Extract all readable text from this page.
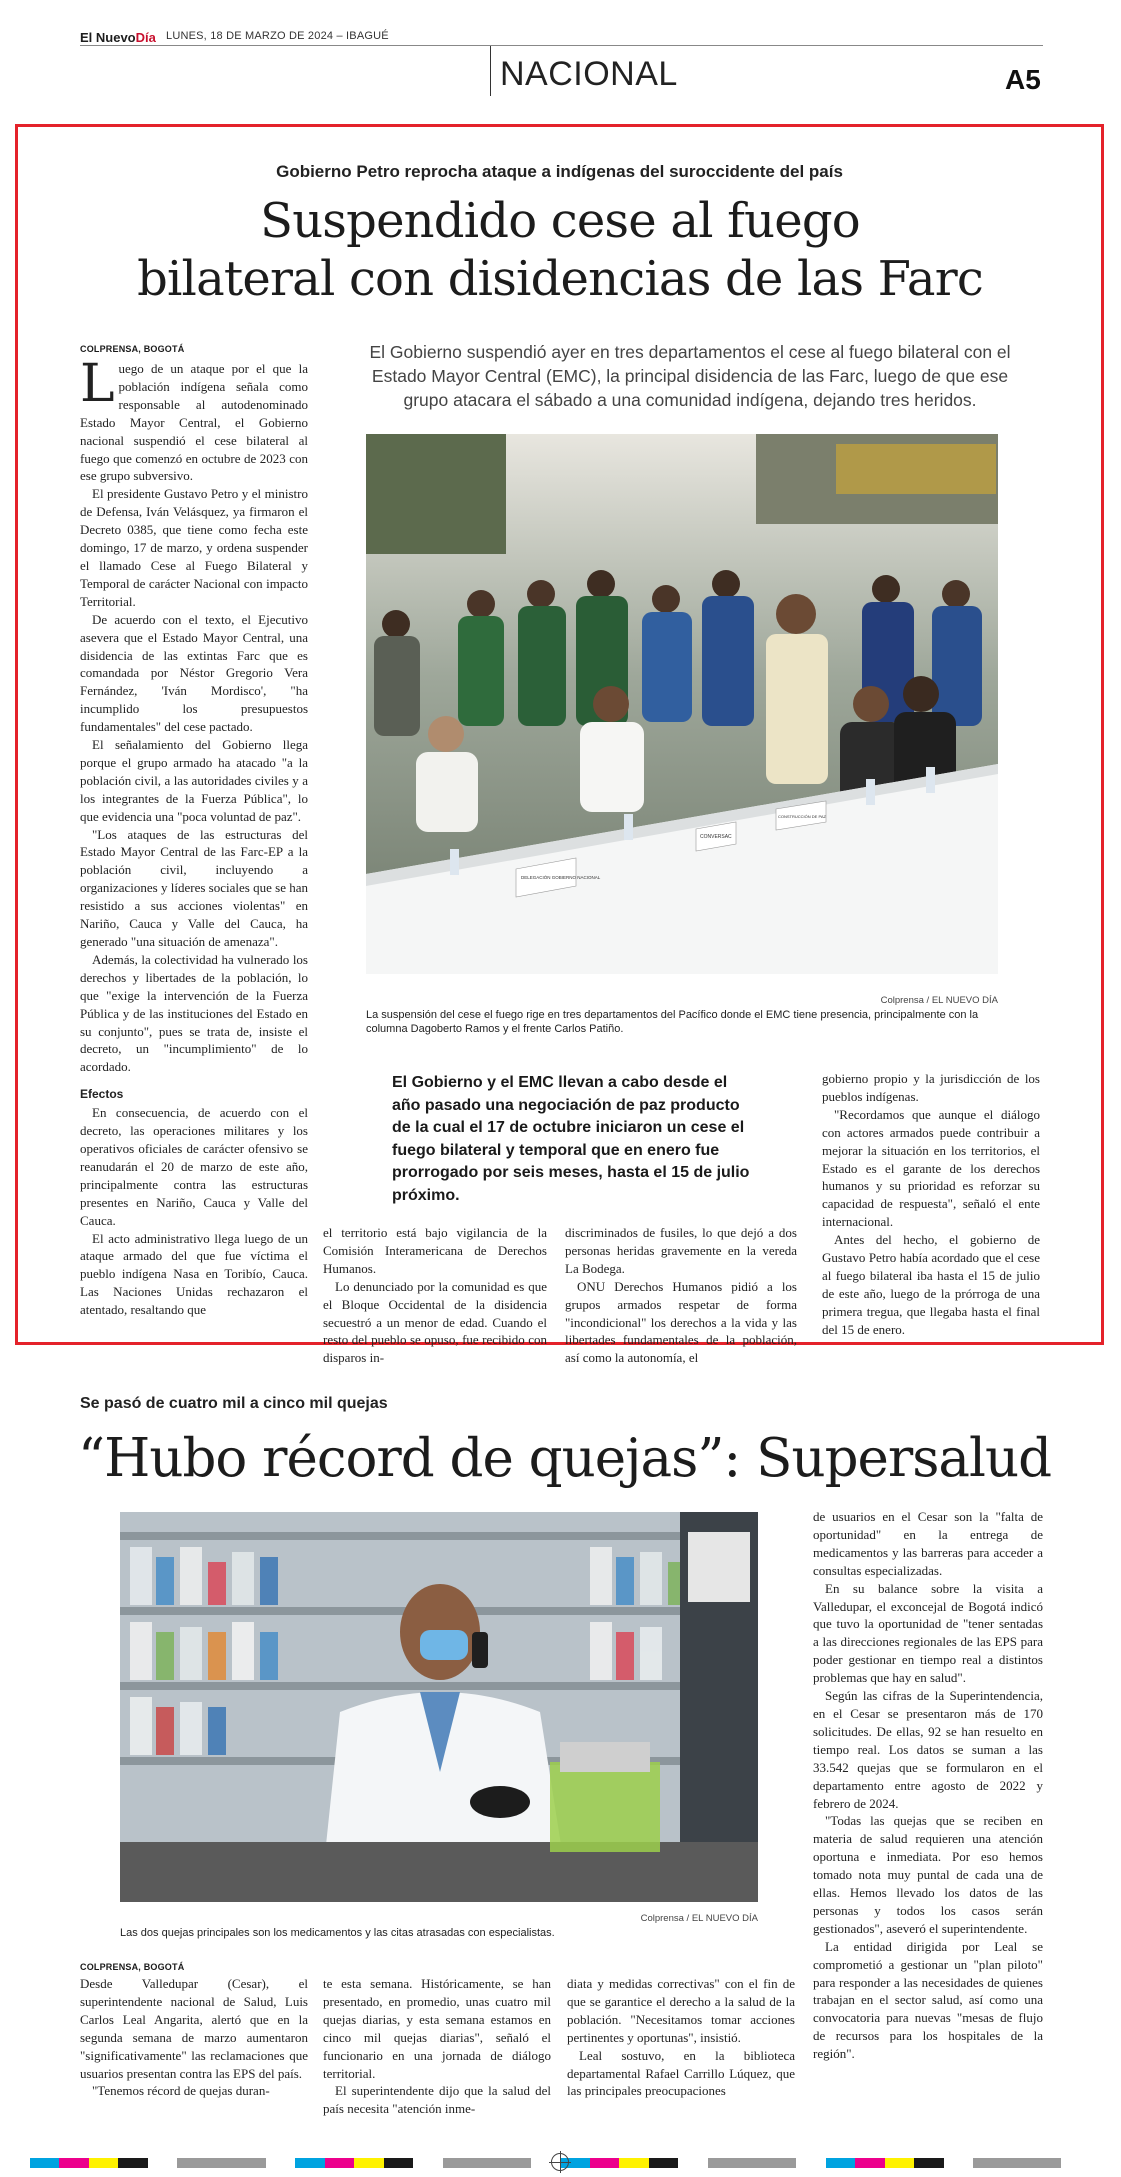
El NuevoDía LUNES, 18 DE MARZO DE 2024 – IBAGUÉ
NACIONAL	A5
Gobierno Petro reprocha ataque a indígenas del suroccidente del país
Suspendido cese al fuego
bilateral con disidencias de las Farc
COLPRENSA, BOGOTÁ

Luego de un ataque por el que la población indígena señala como responsable al autodenominado Estado Mayor Central, el Gobierno nacional suspendió el cese bilateral al fuego que comenzó en octubre de 2023 con ese grupo subversivo.

El presidente Gustavo Petro y el ministro de Defensa, Iván Velásquez, ya firmaron el Decreto 0385, que tiene como fecha este domingo, 17 de marzo, y ordena suspender el llamado Cese al Fuego Bilateral y Temporal de carácter Nacional con impacto Territorial.

De acuerdo con el texto, el Ejecutivo asevera que el Estado Mayor Central, una disidencia de las extintas Farc que es comandada por Néstor Gregorio Vera Fernández, 'Iván Mordisco', "ha incumplido los presupuestos fundamentales" del cese pactado.

El señalamiento del Gobierno llega porque el grupo armado ha atacado "a la población civil, a las autoridades civiles y a los integrantes de la Fuerza Pública", lo que evidencia una "poca voluntad de paz".

"Los ataques de las estructuras del Estado Mayor Central de las Farc-EP a la población civil, incluyendo a organizaciones y líderes sociales que se han resistido a sus acciones violentas" en Nariño, Cauca y Valle del Cauca, ha generado "una situación de amenaza".

Además, la colectividad ha vulnerado los derechos y libertades de la población, lo que "exige la intervención de la Fuerza Pública y de las instituciones del Estado en su conjunto", pues se trata de, insiste el decreto, un "incumplimiento" de lo acordado.

Efectos

En consecuencia, de acuerdo con el decreto, las operaciones militares y los operativos oficiales de carácter ofensivo se reanudarán el 20 de marzo de este año, principalmente contra las estructuras presentes en Nariño, Cauca y Valle del Cauca.

El acto administrativo llega luego de un ataque armado del que fue víctima el pueblo indígena Nasa en Toribío, Cauca. Las Naciones Unidas rechazaron el atentado, resaltando que

El Gobierno suspendió ayer en tres departamentos el cese al fuego bilateral con el Estado Mayor Central (EMC), la principal disidencia de las Farc, luego de que ese grupo atacara el sábado a una comunidad indígena, dejando tres heridos.
DELEGACIÓN GOBIERNO NACIONAL
CONVERSAC
CONSTRUCCIÓN DE PAZ
Colprensa / EL NUEVO DÍA
La suspensión del cese el fuego rige en tres departamentos del Pacífico donde el EMC tiene presencia, principalmente con la columna Dagoberto Ramos y el frente Carlos Patiño.
El Gobierno y el EMC llevan a cabo desde el año pasado una negociación de paz producto de la cual el 17 de octubre iniciaron un cese el fuego bilateral y temporal que en enero fue prorrogado por seis meses, hasta el 15 de julio próximo.

el territorio está bajo vigilancia de la Comisión Interamericana de Derechos Humanos.

Lo denunciado por la comunidad es que el Bloque Occidental de la disidencia secuestró a un menor de edad. Cuando el resto del pueblo se opuso, fue recibido con disparos in-

discriminados de fusiles, lo que dejó a dos personas heridas gravemente en la vereda La Bodega.

ONU Derechos Humanos pidió a los grupos armados respetar de forma "incondicional" los derechos a la vida y las libertades fundamentales de la población, así como la autonomía, el

gobierno propio y la jurisdicción de los pueblos indígenas.

"Recordamos que aunque el diálogo con actores armados puede contribuir a mejorar la situación en los territorios, el Estado es el garante de los derechos humanos y su prioridad es reforzar su capacidad de respuesta", señaló el ente internacional.

Antes del hecho, el gobierno de Gustavo Petro había acordado que el cese al fuego bilateral iba hasta el 15 de julio de este año, luego de la prórroga de una primera tregua, que llegaba hasta el final del 15 de enero.

Se pasó de cuatro mil a cinco mil quejas
“Hubo récord de quejas”: Supersalud
Colprensa / EL NUEVO DÍA
Las dos quejas principales son los medicamentos y las citas atrasadas con especialistas.
COLPRENSA, BOGOTÁ

Desde Valledupar (Cesar), el superintendente nacional de Salud, Luis Carlos Leal Angarita, alertó que en la segunda semana de marzo aumentaron "significativamente" las reclamaciones que usuarios presentan contra las EPS del país.

"Tenemos récord de quejas duran-

te esta semana. Históricamente, se han presentado, en promedio, unas cuatro mil quejas diarias, y esta semana estamos en cinco mil quejas diarias", señaló el funcionario en una jornada de diálogo territorial.

El superintendente dijo que la salud del país necesita "atención inme-

diata y medidas correctivas" con el fin de que se garantice el derecho a la salud de la población. "Necesitamos tomar acciones pertinentes y oportunas", insistió.

Leal sostuvo, en la biblioteca departamental Rafael Carrillo Lúquez, que las principales preocupaciones

de usuarios en el Cesar son la "falta de oportunidad" en la entrega de medicamentos y las barreras para acceder a consultas especializadas.

En su balance sobre la visita a Valledupar, el exconcejal de Bogotá indicó que tuvo la oportunidad de "tener sentadas a las direcciones regionales de las EPS para poder gestionar en tiempo real a distintos problemas que hay en salud".

Según las cifras de la Superintendencia, en el Cesar se presentaron más de 170 solicitudes. De ellas, 92 se han resuelto en tiempo real. Los datos se suman a las 33.542 quejas que se formularon en el departamento entre agosto de 2022 y febrero de 2024.

"Todas las quejas que se reciben en materia de salud requieren una atención oportuna e inmediata. Por eso hemos tomado nota muy puntal de cada una de ellas. Hemos llevado los datos de las personas y todos los casos serán gestionados", aseveró el superintendente.

La entidad dirigida por Leal se comprometió a gestionar un "plan piloto" para responder a las necesidades de quienes trabajan en el sector salud, así como una convocatoria para nuevas "mesas de flujo de recursos para los hospitales de la región".
